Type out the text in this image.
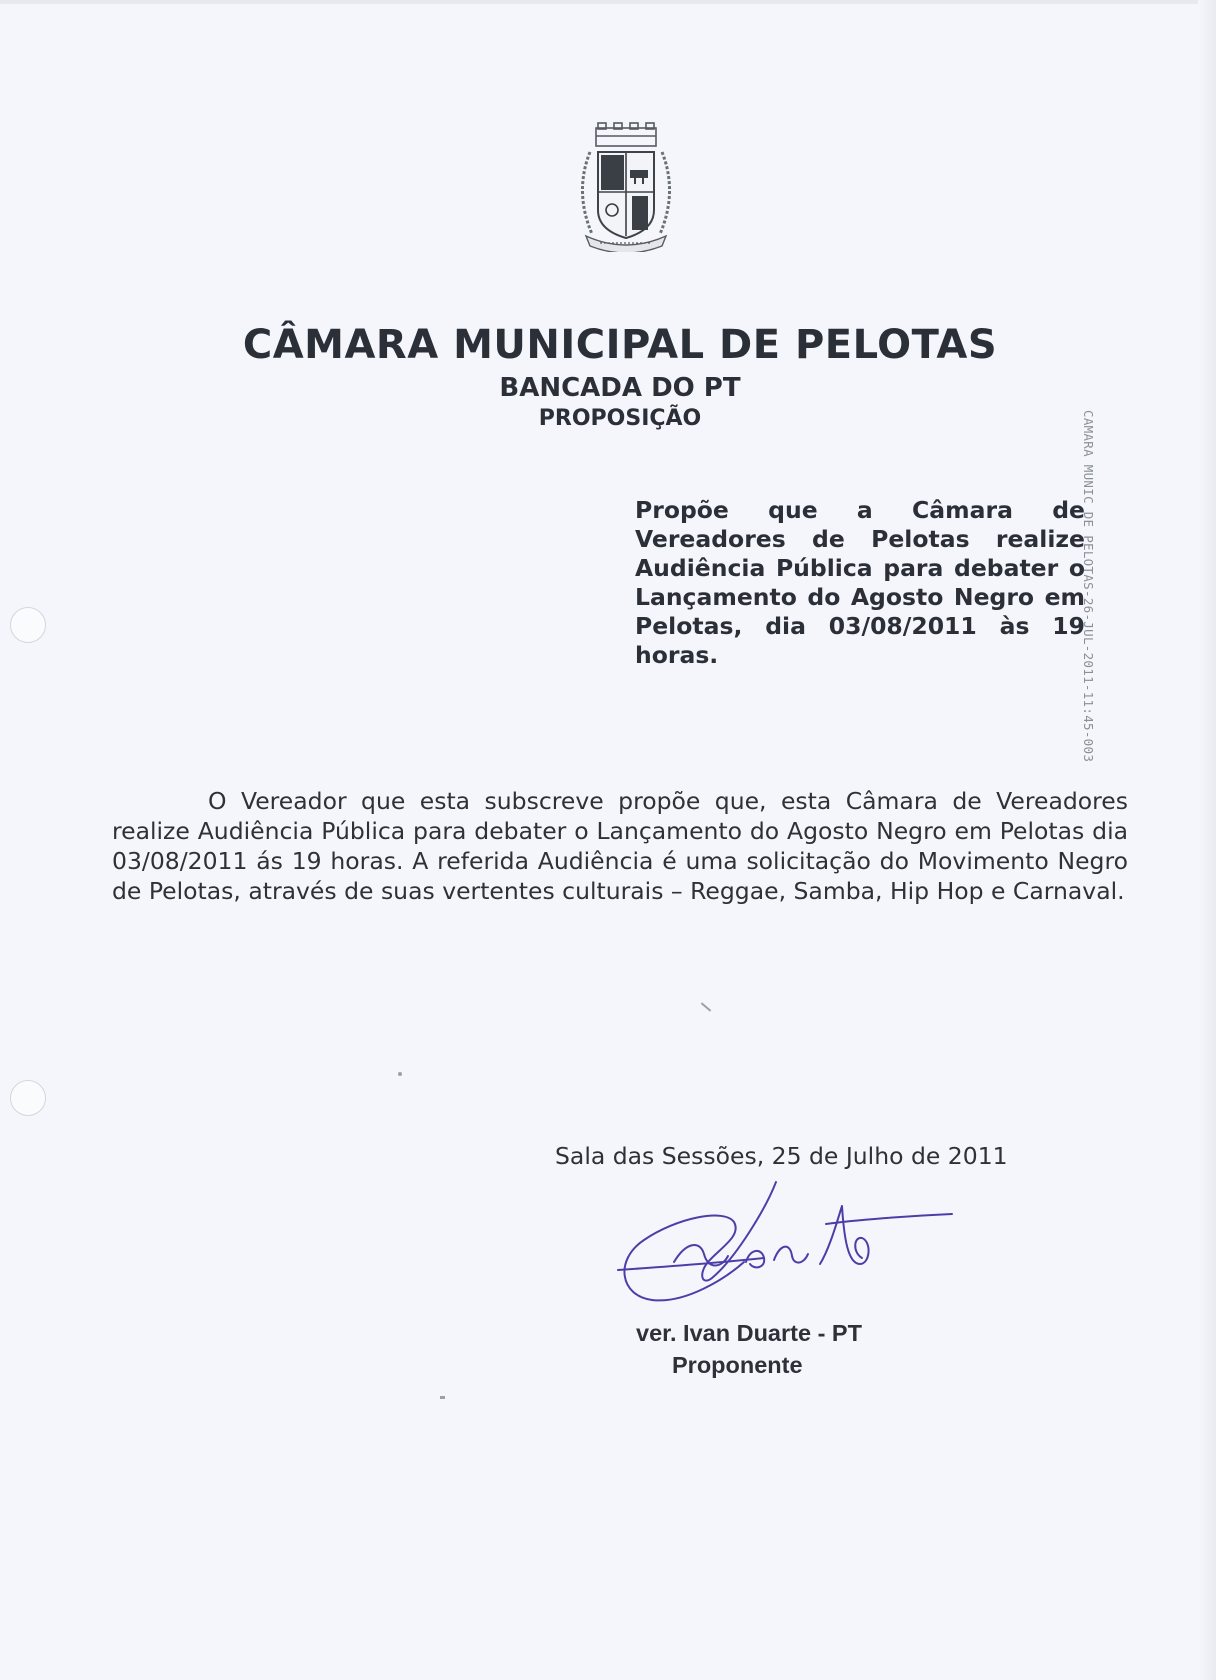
CÂMARA MUNICIPAL DE PELOTAS
BANCADA DO PT
PROPOSIÇÃO
Propõe que a Câmara de Vereadores de Pelotas realize Audiência Pública para debater o Lançamento do Agosto Negro em Pelotas, dia 03/08/2011 às 19 horas.	CAMARA MUNIC DE PELOTAS-26-JUL-2011-11:45-003
O Vereador que esta subscreve propõe que, esta Câmara de Vereadores realize Audiência Pública para debater o Lançamento do Agosto Negro em Pelotas dia 03/08/2011 ás 19 horas. A referida Audiência é uma solicitação do Movimento Negro de Pelotas, através de suas vertentes culturais – Reggae, Samba, Hip Hop e Carnaval.
Sala das Sessões, 25 de Julho de 2011
ver. Ivan Duarte - PT
Proponente
